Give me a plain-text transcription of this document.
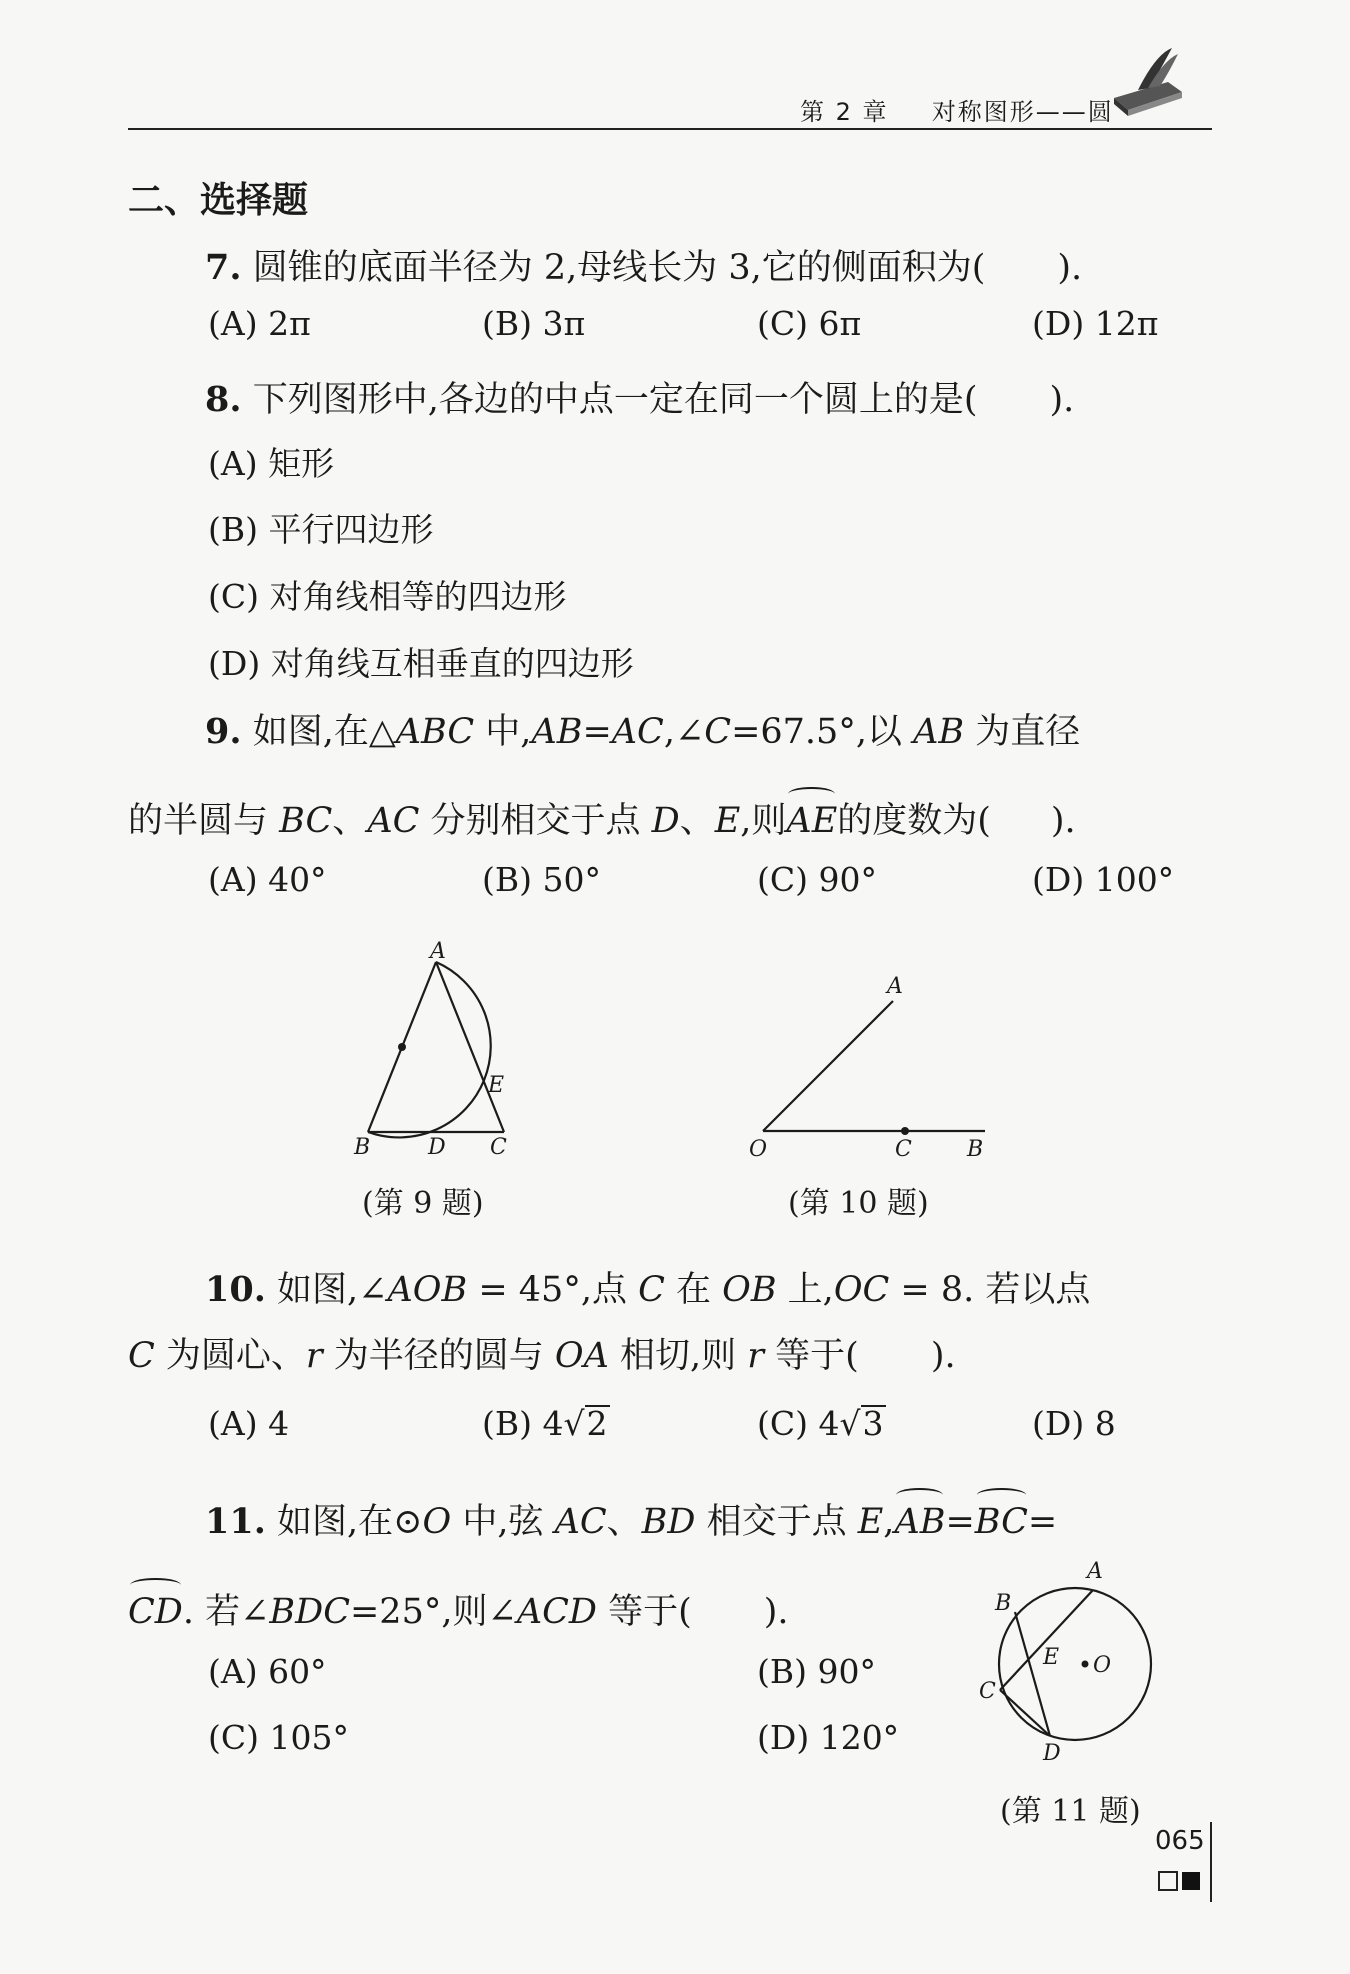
第 2 章 对称图形——圆
二、选择题
7. 圆锥的底面半径为 2,母线长为 3,它的侧面积为( ).
(A) 2π	(B) 3π	(C) 6π	(D) 12π
8. 下列图形中,各边的中点一定在同一个圆上的是( ).
(A) 矩形
(B) 平行四边形
(C) 对角线相等的四边形
(D) 对角线互相垂直的四边形
9. 如图,在△ABC 中,AB=AC,∠C=67.5°,以 AB 为直径
的半圆与 BC、AC 分别相交于点 D、E,则AE的度数为( ).
(A) 40°	(B) 50°	(C) 90°	(D) 100°
A
E
B	D C
(第 9 题)
A
O	C	B
(第 10 题)
10. 如图,∠AOB = 45°,点 C 在 OB 上,OC = 8. 若以点
C 为圆心、r 为半径的圆与 OA 相切,则 r 等于( ).
(A) 4	(B) 4√2	(C) 4√3	(D) 8
11. 如图,在⊙O 中,弦 AC、BD 相交于点 E,AB=BC=
CD. 若∠BDC=25°,则∠ACD 等于( ).
(A) 60°	(B) 90°
(C) 105°	(D) 120°
A
B
E O
C
D
(第 11 题)
065
